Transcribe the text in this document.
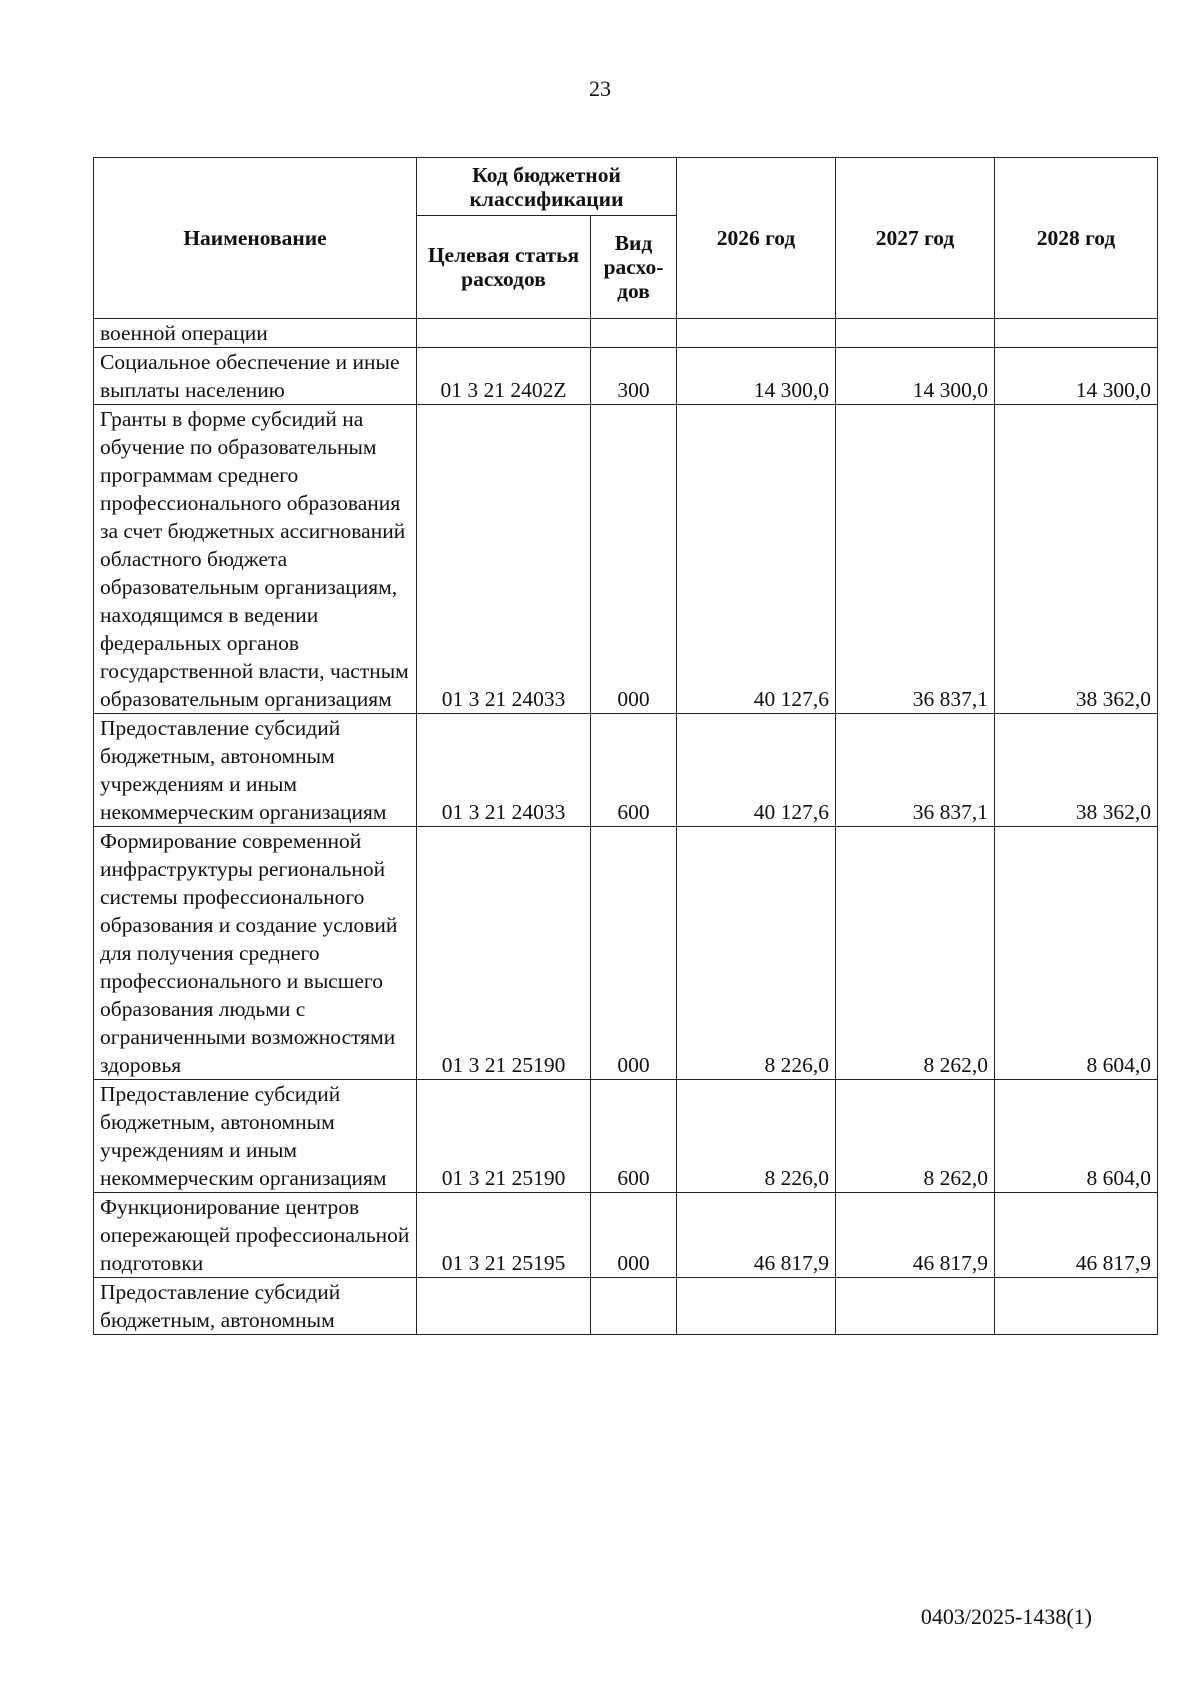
23
Наименование	Код бюджетной классификации		2026 год	2027 год	2028 год
	Целевая статья расходов	Вид расхо-дов			
военной операции					
Социальное обеспечение и иные выплаты населению	01 3 21 2402Z	300	14 300,0	14 300,0	14 300,0
Гранты в форме субсидий на обучение по образовательным программам среднего профессионального образования за счет бюджетных ассигнований областного бюджета образовательным организациям, находящимся в ведении федеральных органов государственной власти, частным образовательным организациям	01 3 21 24033	000	40 127,6	36 837,1	38 362,0
Предоставление субсидий бюджетным, автономным учреждениям и иным некоммерческим организациям	01 3 21 24033	600	40 127,6	36 837,1	38 362,0
Формирование современной инфраструктуры региональной системы профессионального образования и создание условий для получения среднего профессионального и высшего образования людьми с ограниченными возможностями здоровья	01 3 21 25190	000	8 226,0	8 262,0	8 604,0
Предоставление субсидий бюджетным, автономным учреждениям и иным некоммерческим организациям	01 3 21 25190	600	8 226,0	8 262,0	8 604,0
Функционирование центров опережающей профессиональной подготовки	01 3 21 25195	000	46 817,9	46 817,9	46 817,9
Предоставление субсидий бюджетным, автономным					
0403/2025-1438(1)
